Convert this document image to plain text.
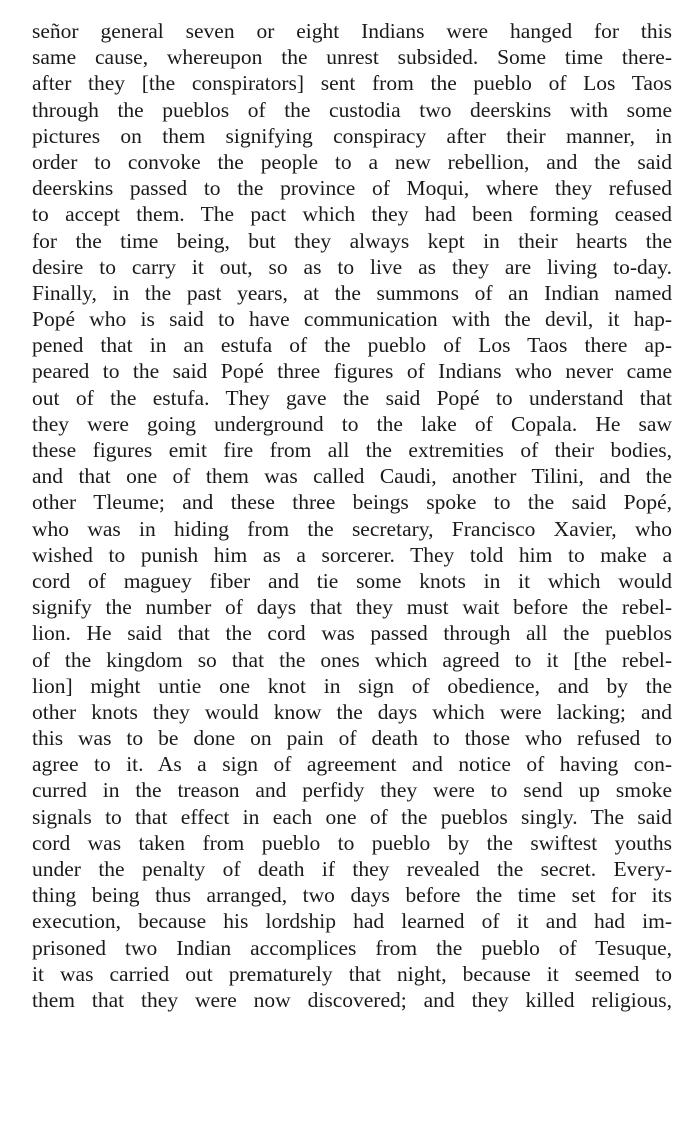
señor general seven or eight Indians were hanged for this
same cause, whereupon the unrest subsided. Some time there-
after they [the conspirators] sent from the pueblo of Los Taos
through the pueblos of the custodia two deerskins with some
pictures on them signifying conspiracy after their manner, in
order to convoke the people to a new rebellion, and the said
deerskins passed to the province of Moqui, where they refused
to accept them. The pact which they had been forming ceased
for the time being, but they always kept in their hearts the
desire to carry it out, so as to live as they are living to-day.
Finally, in the past years, at the summons of an Indian named
Popé who is said to have communication with the devil, it hap-
pened that in an estufa of the pueblo of Los Taos there ap-
peared to the said Popé three figures of Indians who never came
out of the estufa. They gave the said Popé to understand that
they were going underground to the lake of Copala. He saw
these figures emit fire from all the extremities of their bodies,
and that one of them was called Caudi, another Tilini, and the
other Tleume; and these three beings spoke to the said Popé,
who was in hiding from the secretary, Francisco Xavier, who
wished to punish him as a sorcerer. They told him to make a
cord of maguey fiber and tie some knots in it which would
signify the number of days that they must wait before the rebel-
lion. He said that the cord was passed through all the pueblos
of the kingdom so that the ones which agreed to it [the rebel-
lion] might untie one knot in sign of obedience, and by the
other knots they would know the days which were lacking; and
this was to be done on pain of death to those who refused to
agree to it. As a sign of agreement and notice of having con-
curred in the treason and perfidy they were to send up smoke
signals to that effect in each one of the pueblos singly. The said
cord was taken from pueblo to pueblo by the swiftest youths
under the penalty of death if they revealed the secret. Every-
thing being thus arranged, two days before the time set for its
execution, because his lordship had learned of it and had im-
prisoned two Indian accomplices from the pueblo of Tesuque,
it was carried out prematurely that night, because it seemed to
them that they were now discovered; and they killed religious,
